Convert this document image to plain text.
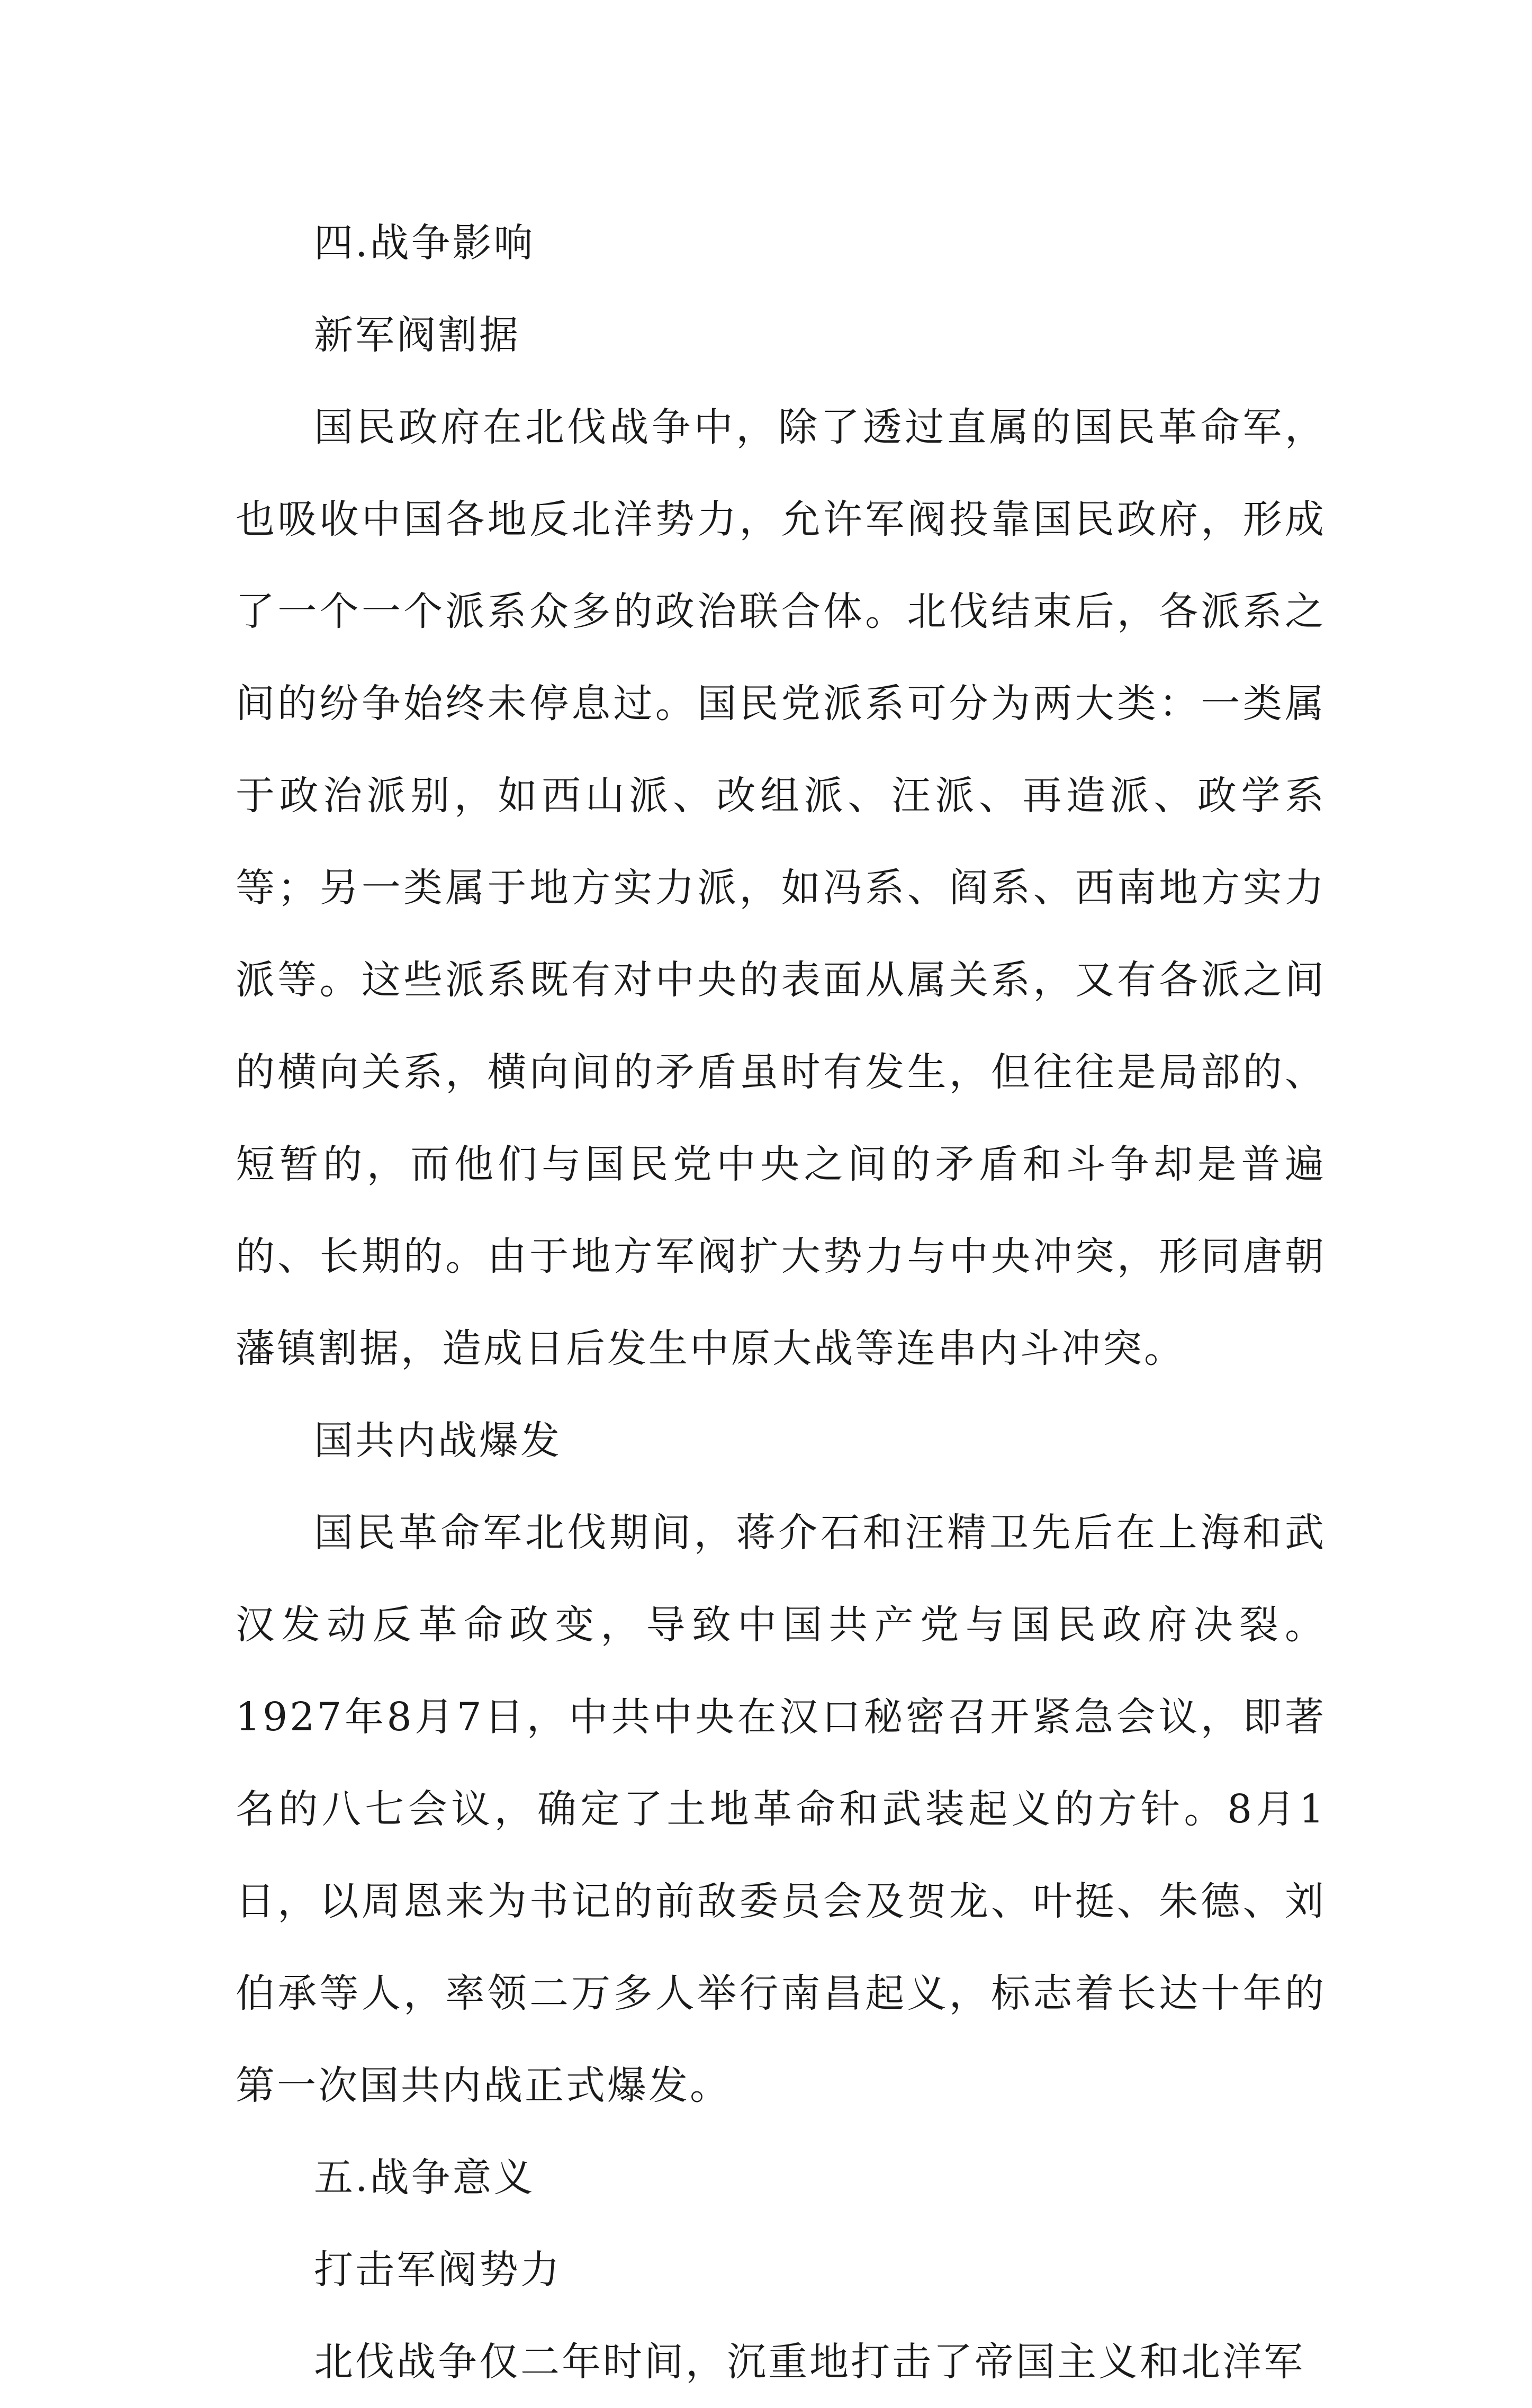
四.战争影响

新军阀割据

国民政府在北伐战争中，除了透过直属的国民革命军，也吸收中国各地反北洋势力，允许军阀投靠国民政府，形成了一个一个派系众多的政治联合体。北伐结束后，各派系之间的纷争始终未停息过。国民党派系可分为两大类：一类属于政治派别，如西山派、改组派、汪派、再造派、政学系等；另一类属于地方实力派，如冯系、阎系、西南地方实力派等。这些派系既有对中央的表面从属关系，又有各派之间的横向关系，横向间的矛盾虽时有发生，但往往是局部的、短暂的，而他们与国民党中央之间的矛盾和斗争却是普遍的、长期的。由于地方军阀扩大势力与中央冲突，形同唐朝藩镇割据，造成日后发生中原大战等连串内斗冲突。

国共内战爆发

国民革命军北伐期间，蒋介石和汪精卫先后在上海和武汉发动反革命政变，导致中国共产党与国民政府决裂。1927年8月7日，中共中央在汉口秘密召开紧急会议，即著名的八七会议，确定了土地革命和武装起义的方针。8月1日，以周恩来为书记的前敌委员会及贺龙、叶挺、朱德、刘伯承等人，率领二万多人举行南昌起义，标志着长达十年的第一次国共内战正式爆发。

五.战争意义

打击军阀势力

北伐战争仅二年时间，沉重地打击了帝国主义和北洋军
